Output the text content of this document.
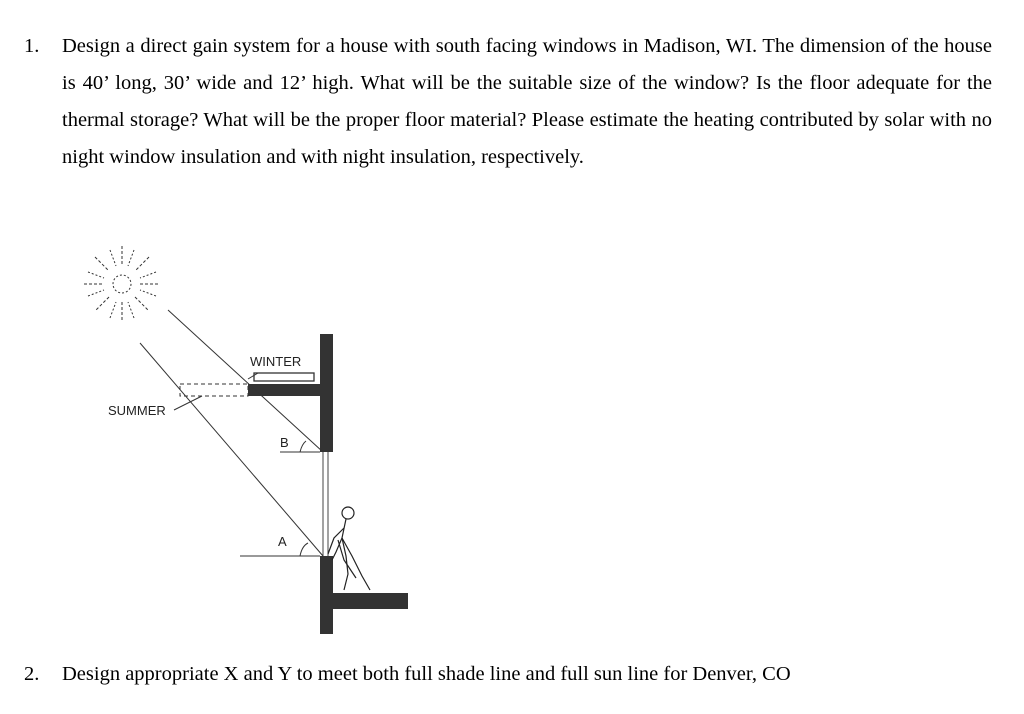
1. Design a direct gain system for a house with south facing windows in Madison, WI. The dimension of the house is 40’ long, 30’ wide and 12’ high. What will be the suitable size of the window? Is the floor adequate for the thermal storage? What will be the proper floor material? Please estimate the heating contributed by solar with no night window insulation and with night insulation, respectively.
B
A
WINTER
SUMMER
2. Design appropriate X and Y to meet both full shade line and full sun line for Denver, CO
